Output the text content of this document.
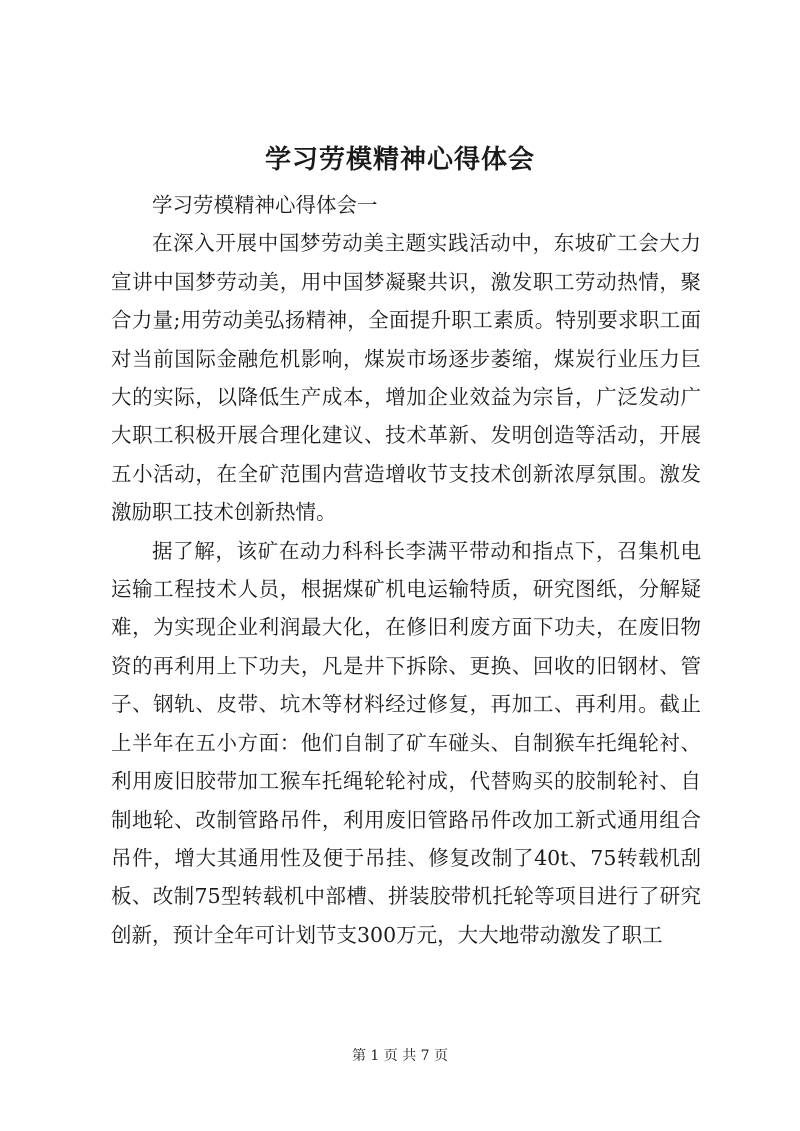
学习劳模精神心得体会

学习劳模精神心得体会一

在深入开展中国梦劳动美主题实践活动中，东坡矿工会大力宣讲中国梦劳动美，用中国梦凝聚共识，激发职工劳动热情，聚合力量;用劳动美弘扬精神，全面提升职工素质。特别要求职工面对当前国际金融危机影响，煤炭市场逐步萎缩，煤炭行业压力巨大的实际，以降低生产成本，增加企业效益为宗旨，广泛发动广大职工积极开展合理化建议、技术革新、发明创造等活动，开展五小活动，在全矿范围内营造增收节支技术创新浓厚氛围。激发激励职工技术创新热情。

据了解，该矿在动力科科长李满平带动和指点下，召集机电运输工程技术人员，根据煤矿机电运输特质，研究图纸，分解疑难，为实现企业利润最大化，在修旧利废方面下功夫，在废旧物资的再利用上下功夫，凡是井下拆除、更换、回收的旧钢材、管子、钢轨、皮带、坑木等材料经过修复，再加工、再利用。截止上半年在五小方面：他们自制了矿车碰头、自制猴车托绳轮衬、利用废旧胶带加工猴车托绳轮轮衬成，代替购买的胶制轮衬、自制地轮、改制管路吊件，利用废旧管路吊件改加工新式通用组合吊件，增大其通用性及便于吊挂、修复改制了40t、75转载机刮板、改制75型转载机中部槽、拼装胶带机托轮等项目进行了研究创新，预计全年可计划节支300万元，大大地带动激发了职工

第 1 页 共 7 页
